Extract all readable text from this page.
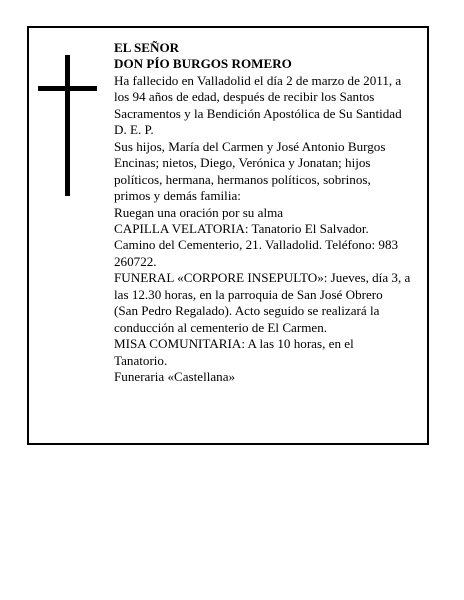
EL SEÑOR
DON PÍO BURGOS ROMERO
Ha fallecido en Valladolid el día 2 de marzo de 2011, a
los 94 años de edad, después de recibir los Santos
Sacramentos y la Bendición Apostólica de Su Santidad
D. E. P.
Sus hijos, María del Carmen y José Antonio Burgos
Encinas; nietos, Diego, Verónica y Jonatan; hijos
políticos, hermana, hermanos políticos, sobrinos,
primos y demás familia:
Ruegan una oración por su alma
CAPILLA VELATORIA: Tanatorio El Salvador.
Camino del Cementerio, 21. Valladolid. Teléfono: 983
260722.
FUNERAL «CORPORE INSEPULTO»: Jueves, día 3, a
las 12.30 horas, en la parroquia de San José Obrero
(San Pedro Regalado). Acto seguido se realizará la
conducción al cementerio de El Carmen.
MISA COMUNITARIA: A las 10 horas, en el
Tanatorio.
Funeraria «Castellana»
